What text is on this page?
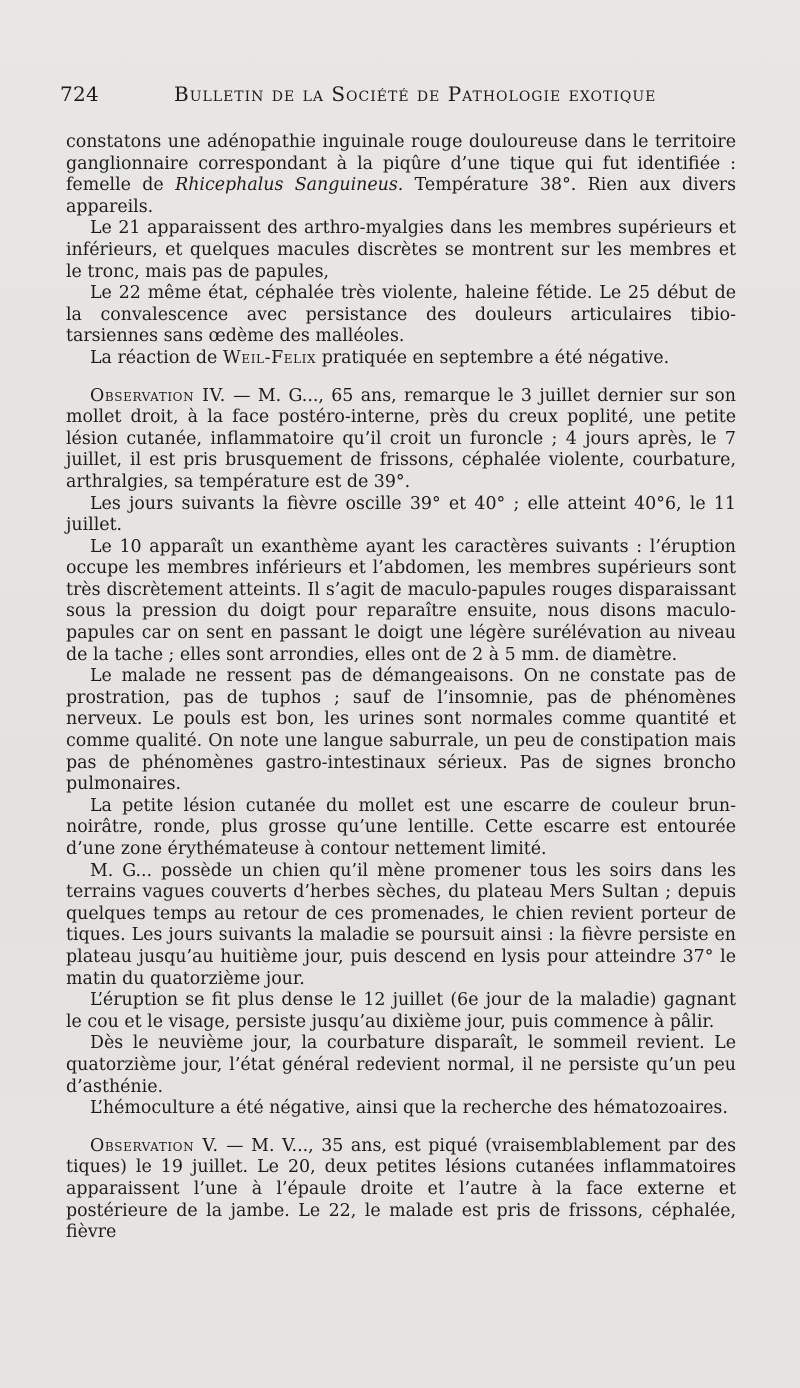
724	Bulletin de la Société de Pathologie exotique

constatons une adénopathie inguinale rouge douloureuse dans le territoire ganglionnaire correspondant à la piqûre d’une tique qui fut identifiée : femelle de Rhicephalus Sanguineus. Température 38°. Rien aux divers appareils.

Le 21 apparaissent des arthro-myalgies dans les membres supérieurs et inférieurs, et quelques macules discrètes se montrent sur les membres et le tronc, mais pas de papules,

Le 22 même état, céphalée très violente, haleine fétide. Le 25 début de la convalescence avec persistance des douleurs articulaires tibio-tarsiennes sans œdème des malléoles.

La réaction de Weil-Felix pratiquée en septembre a été négative.

Observation IV. — M. G..., 65 ans, remarque le 3 juillet dernier sur son mollet droit, à la face postéro-interne, près du creux poplité, une petite lésion cutanée, inflammatoire qu’il croit un furoncle ; 4 jours après, le 7 juillet, il est pris brusquement de frissons, céphalée violente, courbature, arthralgies, sa température est de 39°.

Les jours suivants la fièvre oscille 39° et 40° ; elle atteint 40°6, le 11 juillet.

Le 10 apparaît un exanthème ayant les caractères suivants : l’éruption occupe les membres inférieurs et l’abdomen, les membres supérieurs sont très discrètement atteints. Il s’agit de maculo-papules rouges disparaissant sous la pression du doigt pour reparaître ensuite, nous disons maculo-papules car on sent en passant le doigt une légère surélévation au niveau de la tache ; elles sont arrondies, elles ont de 2 à 5 mm. de diamètre.

Le malade ne ressent pas de démangeaisons. On ne constate pas de prostration, pas de tuphos ; sauf de l’insomnie, pas de phénomènes nerveux. Le pouls est bon, les urines sont normales comme quantité et comme qualité. On note une langue saburrale, un peu de constipation mais pas de phénomènes gastro-intestinaux sérieux. Pas de signes broncho pulmonaires.

La petite lésion cutanée du mollet est une escarre de couleur brun-noirâtre, ronde, plus grosse qu’une lentille. Cette escarre est entourée d’une zone érythémateuse à contour nettement limité.

M. G... possède un chien qu’il mène promener tous les soirs dans les terrains vagues couverts d’herbes sèches, du plateau Mers Sultan ; depuis quelques temps au retour de ces promenades, le chien revient porteur de tiques. Les jours suivants la maladie se poursuit ainsi : la fièvre persiste en plateau jusqu’au huitième jour, puis descend en lysis pour atteindre 37° le matin du quatorzième jour.

L’éruption se fit plus dense le 12 juillet (6e jour de la maladie) gagnant le cou et le visage, persiste jusqu’au dixième jour, puis commence à pâlir.

Dès le neuvième jour, la courbature disparaît, le sommeil revient. Le quatorzième jour, l’état général redevient normal, il ne persiste qu’un peu d’asthénie.

L’hémoculture a été négative, ainsi que la recherche des hématozoaires.

Observation V. — M. V..., 35 ans, est piqué (vraisemblablement par des tiques) le 19 juillet. Le 20, deux petites lésions cutanées inflammatoires apparaissent l’une à l’épaule droite et l’autre à la face externe et postérieure de la jambe. Le 22, le malade est pris de frissons, céphalée, fièvre
